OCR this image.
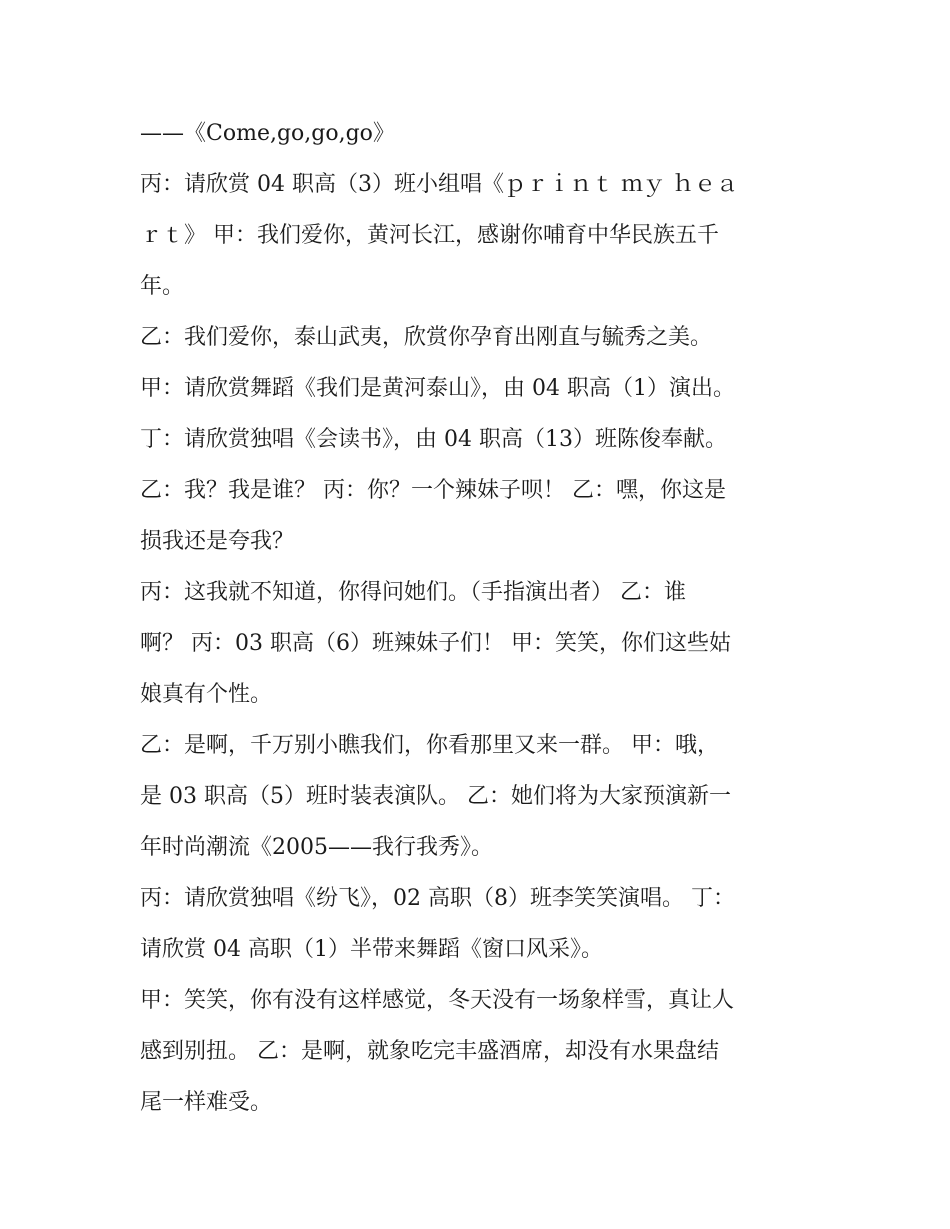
——《Come,go,go,go》
丙：请欣赏 04 职高（3）班小组唱《ｐｒｉｎｔ ｍｙ ｈｅａ
ｒｔ》 甲：我们爱你，黄河长江，感谢你哺育中华民族五千
年。
乙：我们爱你，泰山武夷，欣赏你孕育出刚直与毓秀之美。
甲：请欣赏舞蹈《我们是黄河泰山》，由 04 职高（1）演出。
丁：请欣赏独唱《会读书》，由 04 职高（13）班陈俊奉献。
乙：我？我是谁？ 丙：你？一个辣妹子呗！ 乙：嘿，你这是
损我还是夸我？
丙：这我就不知道，你得问她们。（手指演出者） 乙：谁
啊？ 丙：03 职高（6）班辣妹子们！ 甲：笑笑，你们这些姑
娘真有个性。
乙：是啊，千万别小瞧我们，你看那里又来一群。 甲：哦，
是 03 职高（5）班时装表演队。 乙：她们将为大家预演新一
年时尚潮流《2005——我行我秀》。
丙：请欣赏独唱《纷飞》，02 高职（8）班李笑笑演唱。 丁：
请欣赏 04 高职（1）半带来舞蹈《窗口风采》。
甲：笑笑，你有没有这样感觉，冬天没有一场象样雪，真让人
感到别扭。 乙：是啊，就象吃完丰盛酒席，却没有水果盘结
尾一样难受。
